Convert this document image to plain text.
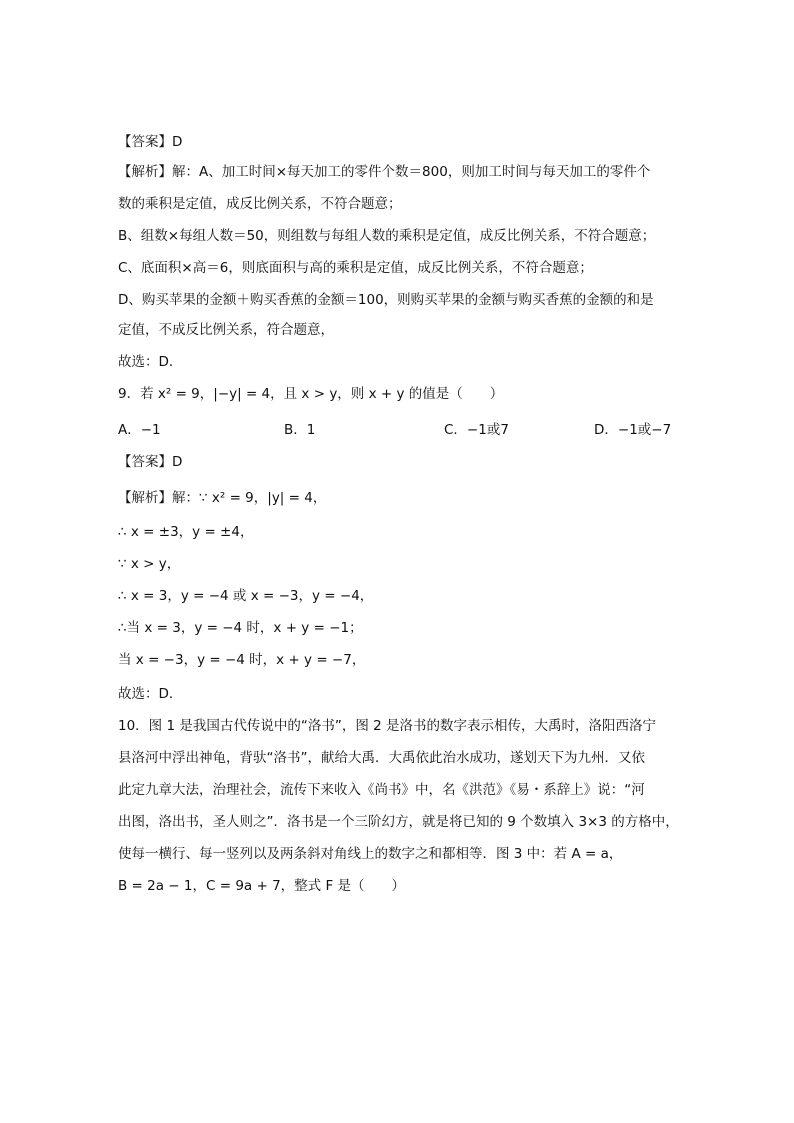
【答案】D
【解析】解：A、加工时间×每天加工的零件个数＝800，则加工时间与每天加工的零件个
数的乘积是定值，成反比例关系，不符合题意；
B、组数×每组人数＝50，则组数与每组人数的乘积是定值，成反比例关系，不符合题意；
C、底面积×高＝6，则底面积与高的乘积是定值，成反比例关系，不符合题意；
D、购买苹果的金额＋购买香蕉的金额＝100，则购买苹果的金额与购买香蕉的金额的和是
定值，不成反比例关系，符合题意，
故选：D．
9．若 x² = 9，|−y| = 4，且 x > y，则 x + y 的值是（　　）
A．−1	B．1	C．−1或7	D．−1或−7
【答案】D
【解析】解：∵ x² = 9，|y| = 4，
∴ x = ±3，y = ±4，
∵ x > y，
∴ x = 3，y = −4 或 x = −3，y = −4，
∴当 x = 3，y = −4 时，x + y = −1；
当 x = −3，y = −4 时，x + y = −7，
故选：D．
10．图 1 是我国古代传说中的“洛书”，图 2 是洛书的数字表示相传，大禹时，洛阳西洛宁
县洛河中浮出神龟，背驮“洛书”，献给大禹．大禹依此治水成功，遂划天下为九州．又依
此定九章大法，治理社会，流传下来收入《尚书》中，名《洪范》《易・系辞上》说：“河
出图，洛出书，圣人则之”．洛书是一个三阶幻方，就是将已知的 9 个数填入 3×3 的方格中，
使每一横行、每一竖列以及两条斜对角线上的数字之和都相等．图 3 中：若 A = a，
B = 2a − 1，C = 9a + 7，整式 F 是（　　）
